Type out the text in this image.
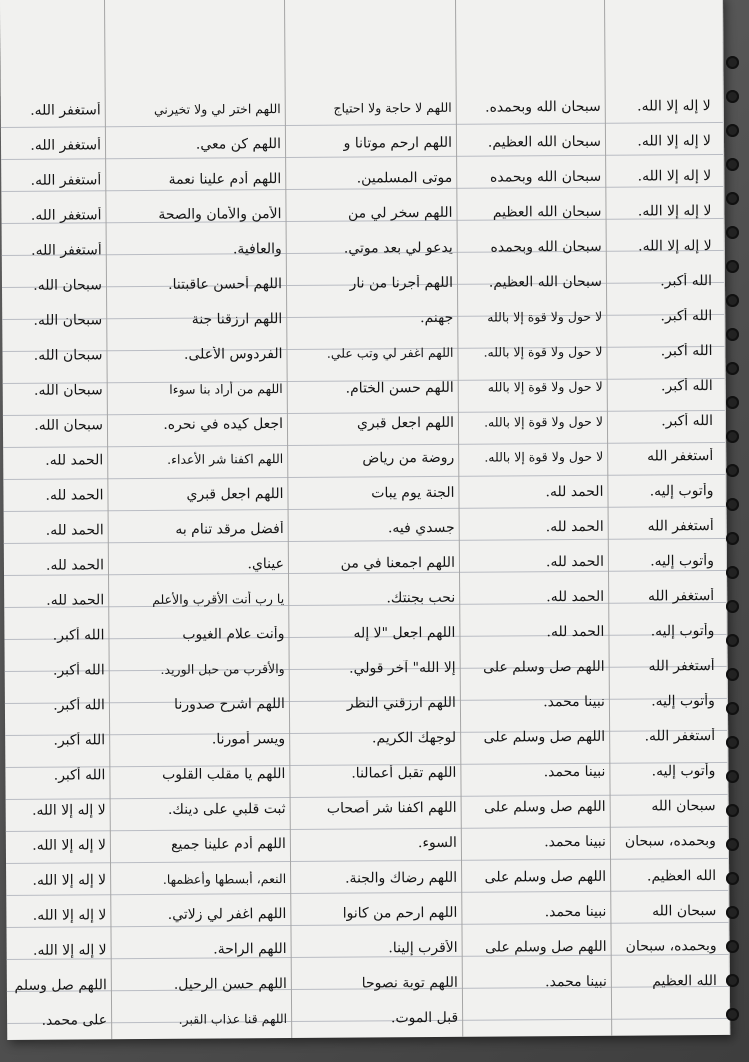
لا إله إلا الله.
لا إله إلا الله.
لا إله إلا الله.
لا إله إلا الله.
لا إله إلا الله.
الله أكبر.
الله أكبر.
الله أكبر.
الله أكبر.
الله أكبر.
أستغفر الله
وأتوب إليه.
أستغفر الله
وأتوب إليه.
أستغفر الله
وأتوب إليه.
أستغفر الله
وأتوب إليه.
أستغفر الله.
وأتوب إليه.
سبحان الله
وبحمده، سبحان
الله العظيم.
سبحان الله
وبحمده، سبحان
الله العظيم
سبحان الله وبحمده.
سبحان الله العظيم.
سبحان الله وبحمده
سبحان الله العظيم
سبحان الله وبحمده
سبحان الله العظيم.
لا حول ولا قوة إلا بالله
لا حول ولا قوة إلا بالله.
لا حول ولا قوة إلا بالله
لا حول ولا قوة إلا بالله.
لا حول ولا قوة إلا بالله.
الحمد لله.
الحمد لله.
الحمد لله.
الحمد لله.
الحمد لله.
اللهم صل وسلم على
نبينا محمد.
اللهم صل وسلم على
نبينا محمد.
اللهم صل وسلم على
نبينا محمد.
اللهم صل وسلم على
نبينا محمد.
اللهم صل وسلم على
نبينا محمد.
اللهم لا حاجة ولا احتياج
اللهم ارحم موتانا و
موتى المسلمين.
اللهم سخر لي من
يدعو لي بعد موتي.
اللهم أجرنا من نار
جهنم.
اللهم اغفر لي وتب علي.
اللهم حسن الختام.
اللهم اجعل قبري
روضة من رياض
الجنة يوم يبات
جسدي فيه.
اللهم اجمعنا في من
نحب بجنتك.
اللهم اجعل "لا إله
إلا الله" آخر قولي.
اللهم ارزقني النظر
لوجهك الكريم.
اللهم تقبل أعمالنا.
اللهم اكفنا شر أصحاب
السوء.
اللهم رضاك والجنة.
اللهم ارحم من كانوا
الأقرب إلينا.
اللهم توبة نصوحا
قبل الموت.
اللهم اختر لي ولا تخيرني
اللهم كن معي.
اللهم أدم علينا نعمة
الأمن والأمان والصحة
والعافية.
اللهم أحسن عاقبتنا.
اللهم ارزقنا جنة
الفردوس الأعلى.
اللهم من أراد بنا سوءا
اجعل كيده في نحره.
اللهم اكفنا شر الأعداء.
اللهم اجعل قبري
أفضل مرقد تنام به
عيناي.
يا رب أنت الأقرب والأعلم
وأنت علام الغيوب
والأقرب من حبل الوريد.
اللهم اشرح صدورنا
ويسر أمورنا.
اللهم يا مقلب القلوب
ثبت قلبي على دينك.
اللهم أدم علينا جميع
النعم، أبسطها وأعظمها.
اللهم اغفر لي زلاتي.
اللهم الراحة.
اللهم حسن الرحيل.
اللهم قنا عذاب القبر.
أستغفر الله.
أستغفر الله.
أستغفر الله.
أستغفر الله.
أستغفر الله.
سبحان الله.
سبحان الله.
سبحان الله.
سبحان الله.
سبحان الله.
الحمد لله.
الحمد لله.
الحمد لله.
الحمد لله.
الحمد لله.
الله أكبر.
الله أكبر.
الله أكبر.
الله أكبر.
الله أكبر.
لا إله إلا الله.
لا إله إلا الله.
لا إله إلا الله.
لا إله إلا الله.
لا إله إلا الله.
اللهم صل وسلم
على محمد.
